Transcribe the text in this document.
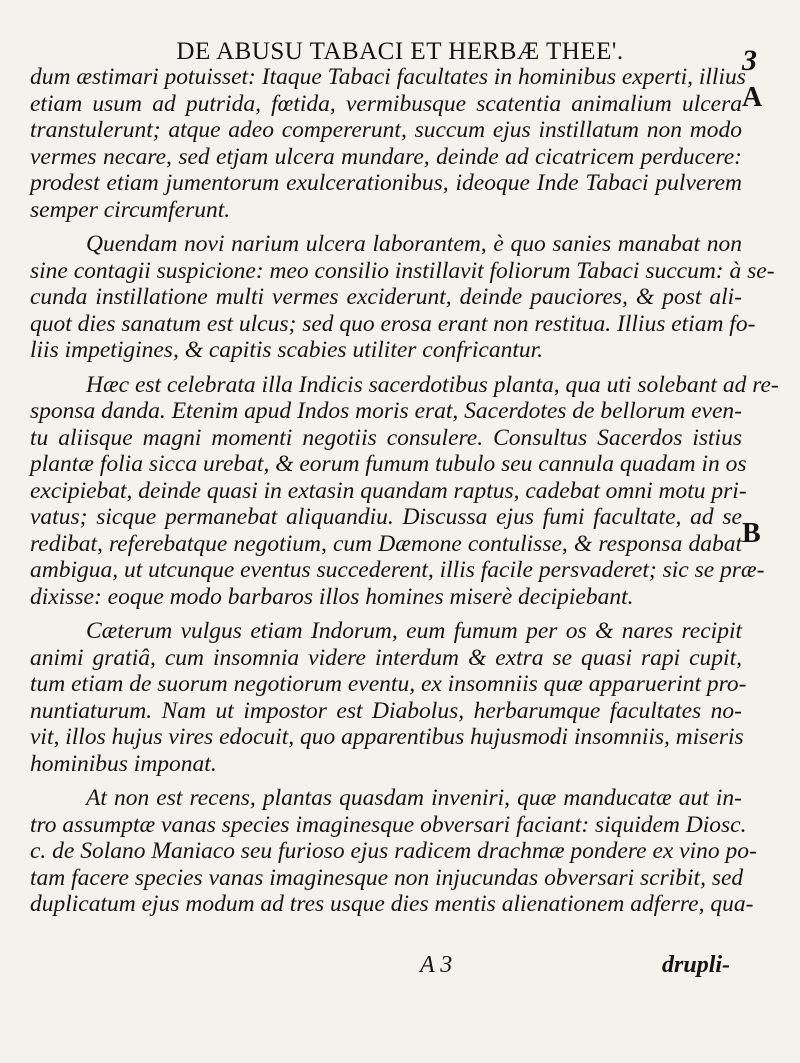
DE ABUSU TABACI ET HERBÆ THEE'.	3
A
B
dum æstimari potuisset: Itaque Tabaci facultates in hominibus experti, illius
etiam usum ad putrida, fœtida, vermibusque scatentia animalium ulcera
transtulerunt; atque adeo compererunt, succum ejus instillatum non modo
vermes necare, sed etjam ulcera mundare, deinde ad cicatricem perducere:
prodest etiam jumentorum exulcerationibus, ideoque Inde Tabaci pulverem
semper circumferunt.
Quendam novi narium ulcera laborantem, è quo sanies manabat non
sine contagii suspicione: meo consilio instillavit foliorum Tabaci succum: à se-
cunda instillatione multi vermes exciderunt, deinde pauciores, & post ali-
quot dies sanatum est ulcus; sed quo erosa erant non restitua. Illius etiam fo-
liis impetigines, & capitis scabies utiliter confricantur.
Hæc est celebrata illa Indicis sacerdotibus planta, qua uti solebant ad re-
sponsa danda. Etenim apud Indos moris erat, Sacerdotes de bellorum even-
tu aliisque magni momenti negotiis consulere. Consultus Sacerdos istius
plantæ folia sicca urebat, & eorum fumum tubulo seu cannula quadam in os
excipiebat, deinde quasi in extasin quandam raptus, cadebat omni motu pri-
vatus; sicque permanebat aliquandiu. Discussa ejus fumi facultate, ad se
redibat, referebatque negotium, cum Dæmone contulisse, & responsa dabat
ambigua, ut utcunque eventus succederent, illis facile persvaderet; sic se præ-
dixisse: eoque modo barbaros illos homines miserè decipiebant.
Cæterum vulgus etiam Indorum, eum fumum per os & nares recipit
animi gratiâ, cum insomnia videre interdum & extra se quasi rapi cupit,
tum etiam de suorum negotiorum eventu, ex insomniis quæ apparuerint pro-
nuntiaturum. Nam ut impostor est Diabolus, herbarumque facultates no-
vit, illos hujus vires edocuit, quo apparentibus hujusmodi insomniis, miseris
hominibus imponat.
At non est recens, plantas quasdam inveniri, quæ manducatæ aut in-
tro assumptæ vanas species imaginesque obversari faciant: siquidem Diosc.
c. de Solano Maniaco seu furioso ejus radicem drachmæ pondere ex vino po-
tam facere species vanas imaginesque non injucundas obversari scribit, sed
duplicatum ejus modum ad tres usque dies mentis alienationem adferre, qua-
A 3	drupli-
